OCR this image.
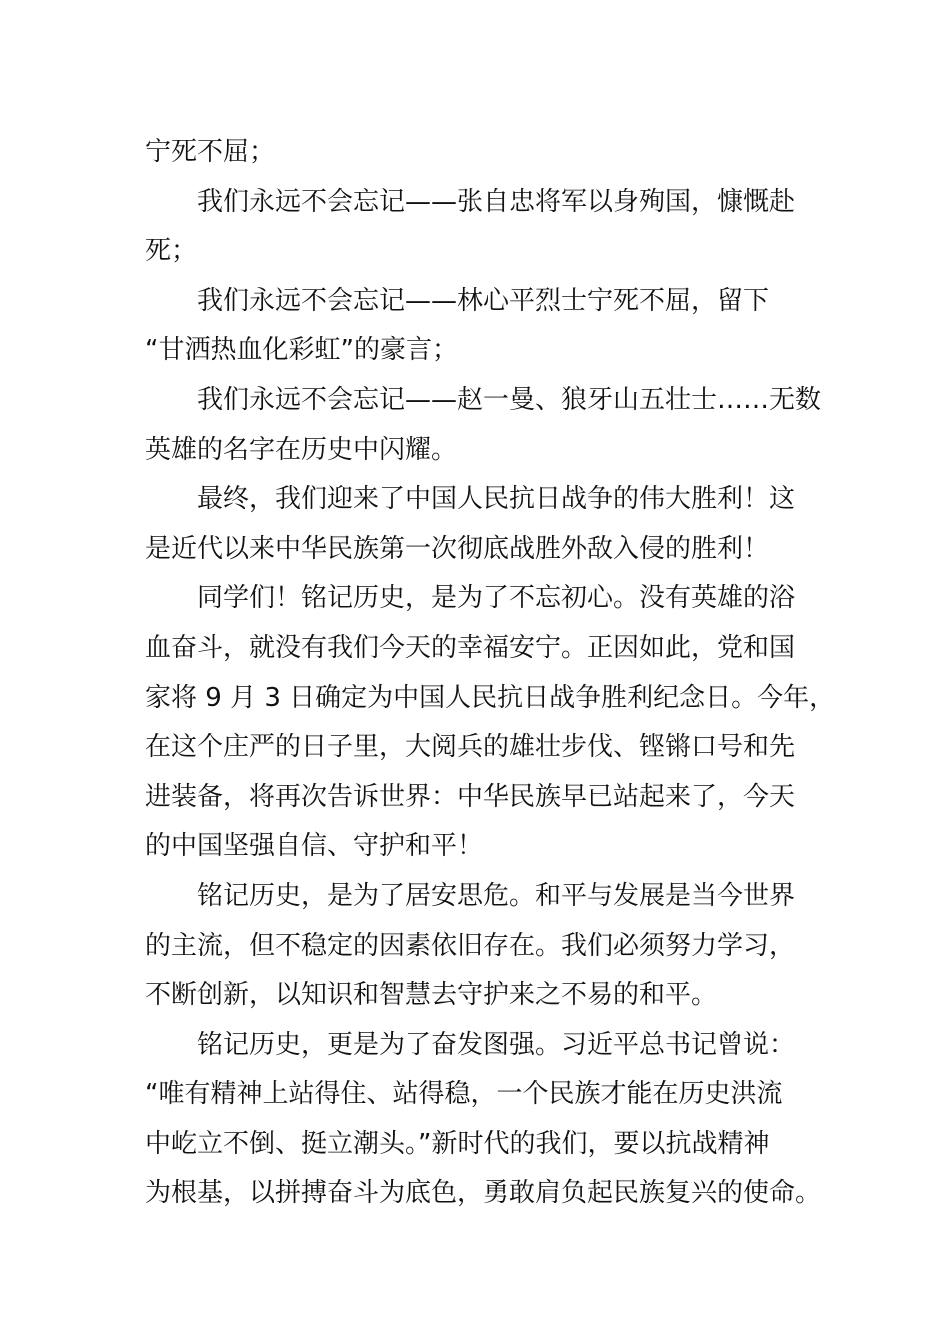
宁死不屈；
我们永远不会忘记——张自忠将军以身殉国，慷慨赴
死；
我们永远不会忘记——林心平烈士宁死不屈，留下
“甘洒热血化彩虹”的豪言；
我们永远不会忘记——赵一曼、狼牙山五壮士……无数
英雄的名字在历史中闪耀。
最终，我们迎来了中国人民抗日战争的伟大胜利！这
是近代以来中华民族第一次彻底战胜外敌入侵的胜利！
同学们！铭记历史，是为了不忘初心。没有英雄的浴
血奋斗，就没有我们今天的幸福安宁。正因如此，党和国
家将 9 月 3 日确定为中国人民抗日战争胜利纪念日。今年，
在这个庄严的日子里，大阅兵的雄壮步伐、铿锵口号和先
进装备，将再次告诉世界：中华民族早已站起来了，今天
的中国坚强自信、守护和平！
铭记历史，是为了居安思危。和平与发展是当今世界
的主流，但不稳定的因素依旧存在。我们必须努力学习，
不断创新，以知识和智慧去守护来之不易的和平。
铭记历史，更是为了奋发图强。习近平总书记曾说：
“唯有精神上站得住、站得稳，一个民族才能在历史洪流
中屹立不倒、挺立潮头。”新时代的我们，要以抗战精神
为根基，以拼搏奋斗为底色，勇敢肩负起民族复兴的使命。
